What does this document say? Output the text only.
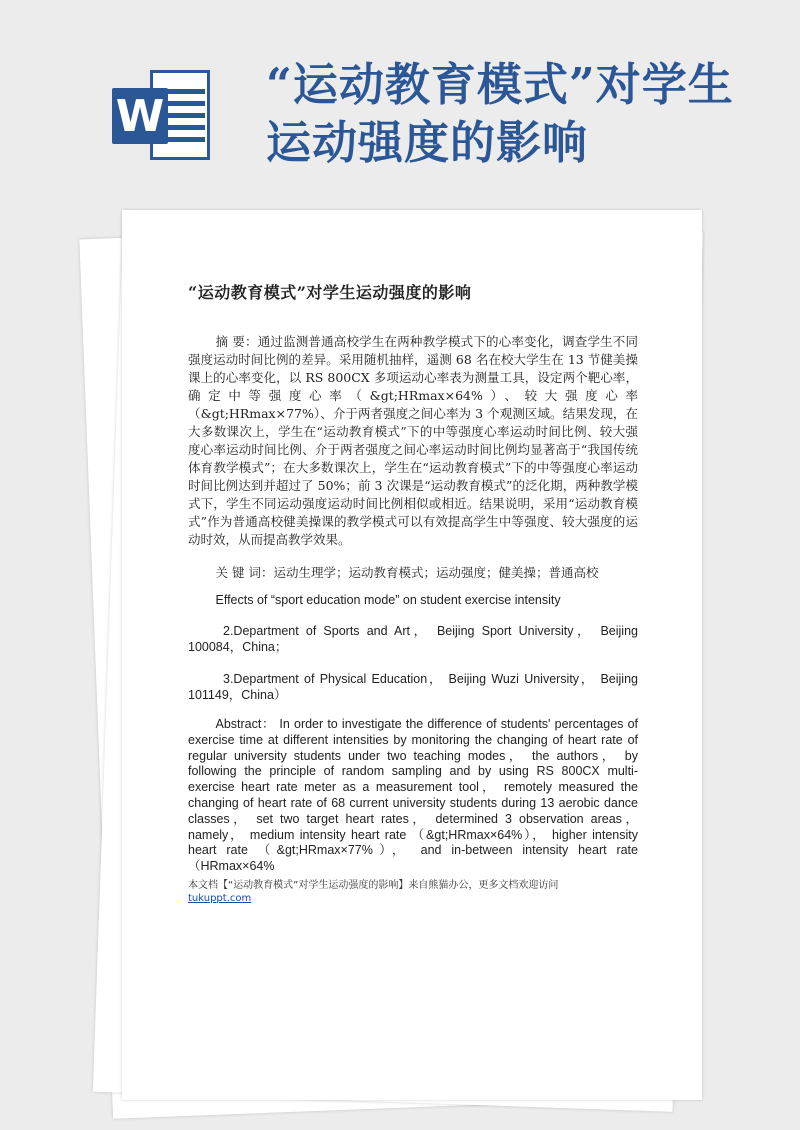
W
“运动教育模式”对学生运动强度的影响
“运动教育模式”对学生运动强度的影响

摘 要：通过监测普通高校学生在两种教学模式下的心率变化，调查学生不同强度运动时间比例的差异。采用随机抽样，遥测 68 名在校大学生在 13 节健美操课上的心率变化，以 RS 800CX 多项运动心率表为测量工具，设定两个靶心率，确定中等强度心率（&gt;HRmax×64%）、较大强度心率（&gt;HRmax×77%）、介于两者强度之间心率为 3 个观测区域。结果发现，在大多数课次上，学生在“运动教育模式”下的中等强度心率运动时间比例、较大强度心率运动时间比例、介于两者强度之间心率运动时间比例均显著高于“我国传统体育教学模式”；在大多数课次上，学生在“运动教育模式”下的中等强度心率运动时间比例达到并超过了 50%；前 3 次课是“运动教育模式”的泛化期，两种教学模式下，学生不同运动强度运动时间比例相似或相近。结果说明，采用“运动教育模式”作为普通高校健美操课的教学模式可以有效提高学生中等强度、较大强度的运动时效，从而提高教学效果。

关 键 词：运动生理学；运动教育模式；运动强度；健美操；普通高校

Effects of “sport education mode” on student exercise intensity

2.Department of Sports and Art， Beijing Sport University， Beijing 100084，China；

3.Department of Physical Education， Beijing Wuzi University， Beijing 101149，China）

Abstract： In order to investigate the difference of students' percentages of exercise time at different intensities by monitoring the changing of heart rate of regular university students under two teaching modes， the authors， by following the principle of random sampling and by using RS 800CX multi-exercise heart rate meter as a measurement tool， remotely measured the changing of heart rate of 68 current university students during 13 aerobic dance classes， set two target heart rates， determined 3 observation areas， namely， medium intensity heart rate （&gt;HRmax×64%）， higher intensity heart rate （&gt;HRmax×77%）， and in-between intensity heart rate （HRmax×64%

本文档【“运动教育模式”对学生运动强度的影响】来自熊猫办公，更多文档欢迎访问
tukuppt.com
